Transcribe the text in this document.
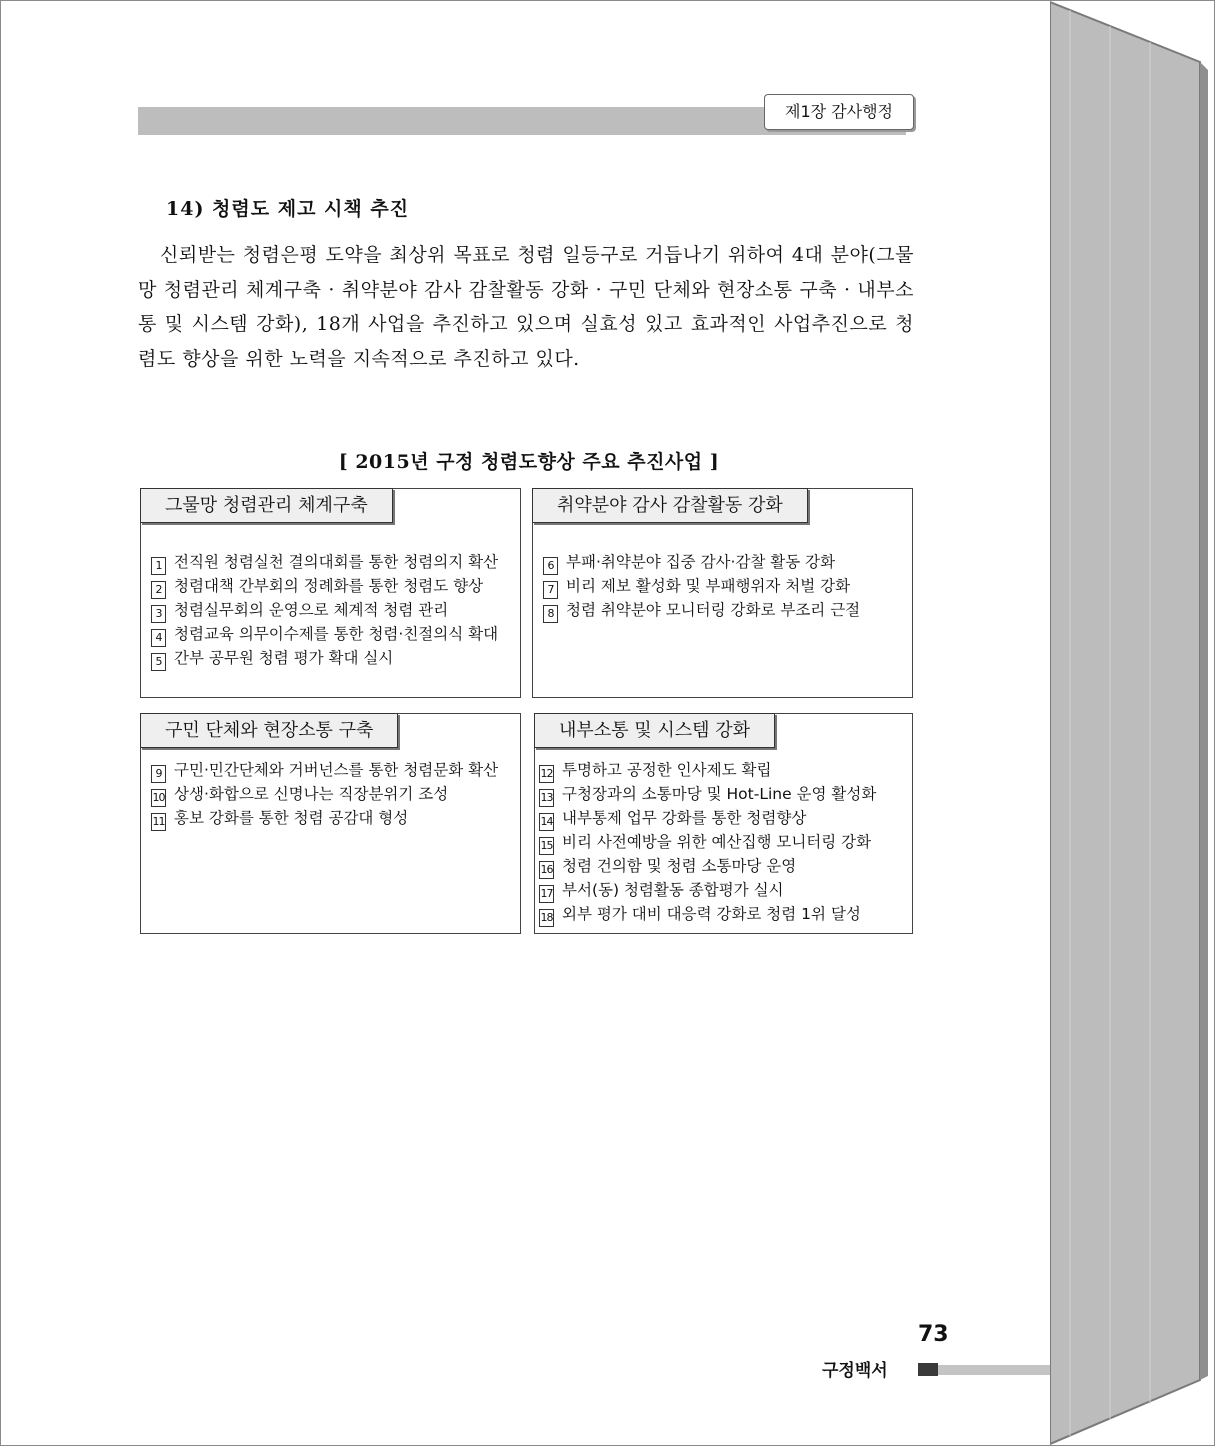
제1장 감사행정
14) 청렴도 제고 시책 추진
신뢰받는 청렴은평 도약을 최상위 목표로 청렴 일등구로 거듭나기 위하여 4대 분야(그물망 청렴관리 체계구축 · 취약분야 감사 감찰활동 강화 · 구민 단체와 현장소통 구축 · 내부소통 및 시스템 강화), 18개 사업을 추진하고 있으며 실효성 있고 효과적인 사업추진으로 청렴도 향상을 위한 노력을 지속적으로 추진하고 있다.
[ 2015년 구정 청렴도향상 주요 추진사업 ]
그물망 청렴관리 체계구축
1 전직원 청렴실천 결의대회를 통한 청렴의지 확산
2 청렴대책 간부회의 정례화를 통한 청렴도 향상
3 청렴실무회의 운영으로 체계적 청렴 관리
4 청렴교육 의무이수제를 통한 청렴·친절의식 확대
5 간부 공무원 청렴 평가 확대 실시
취약분야 감사 감찰활동 강화
6 부패·취약분야 집중 감사·감찰 활동 강화
7 비리 제보 활성화 및 부패행위자 처벌 강화
8 청렴 취약분야 모니터링 강화로 부조리 근절
구민 단체와 현장소통 구축
9 구민·민간단체와 거버넌스를 통한 청렴문화 확산
10 상생·화합으로 신명나는 직장분위기 조성
11 홍보 강화를 통한 청렴 공감대 형성
내부소통 및 시스템 강화
12 투명하고 공정한 인사제도 확립
13 구청장과의 소통마당 및 Hot-Line 운영 활성화
14 내부통제 업무 강화를 통한 청렴향상
15 비리 사전예방을 위한 예산집행 모니터링 강화
16 청렴 건의함 및 청렴 소통마당 운영
17 부서(동) 청렴활동 종합평가 실시
18 외부 평가 대비 대응력 강화로 청렴 1위 달성
73
구정백서
